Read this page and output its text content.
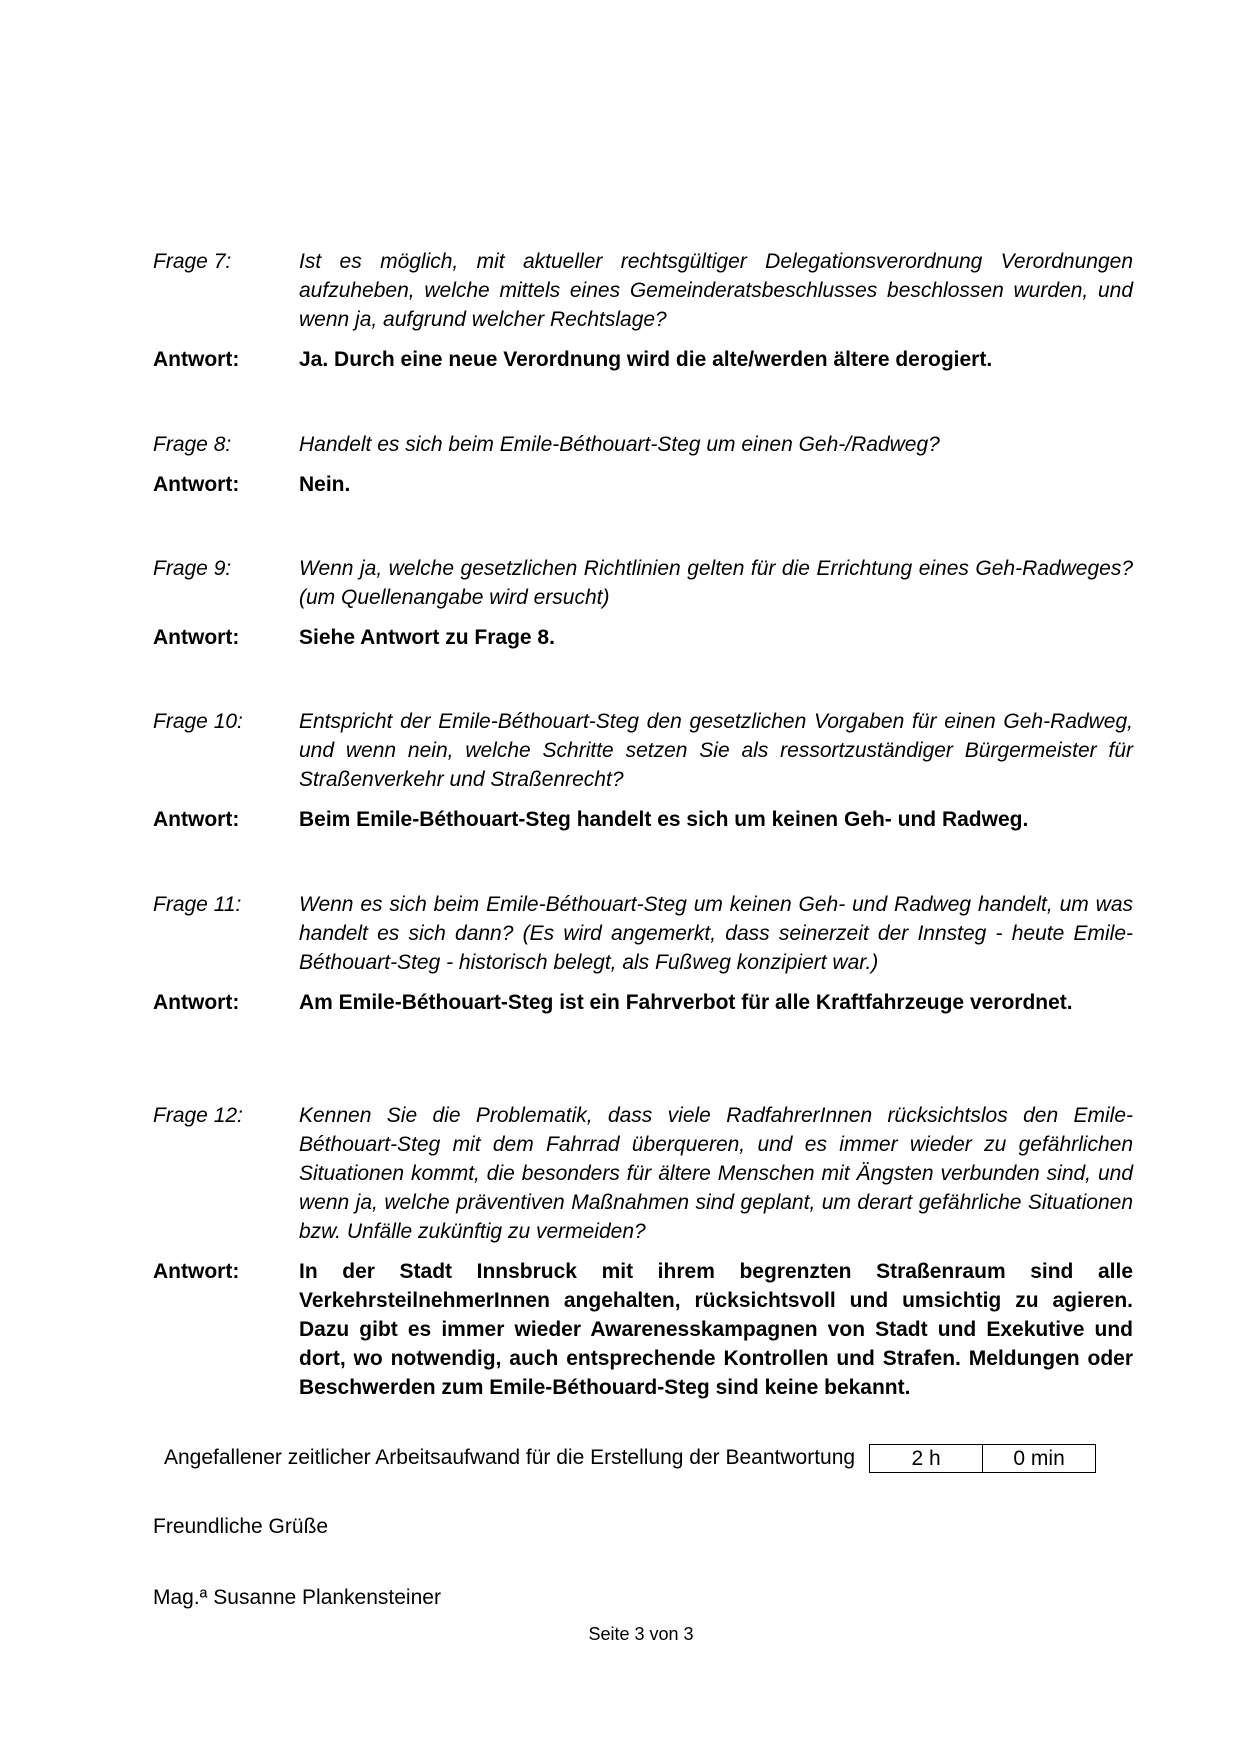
Frage 7:	Ist es möglich, mit aktueller rechtsgültiger Delegationsverordnung Verordnungen aufzuheben, welche mittels eines Gemeinderatsbeschlusses beschlossen wurden, und wenn ja, aufgrund welcher Rechtslage?
Antwort:	Ja. Durch eine neue Verordnung wird die alte/werden ältere derogiert.
Frage 8:	Handelt es sich beim Emile-Béthouart-Steg um einen Geh-/Radweg?
Antwort:	Nein.
Frage 9:	Wenn ja, welche gesetzlichen Richtlinien gelten für die Errichtung eines Geh-Radweges? (um Quellenangabe wird ersucht)
Antwort:	Siehe Antwort zu Frage 8.
Frage 10:	Entspricht der Emile-Béthouart-Steg den gesetzlichen Vorgaben für einen Geh-Radweg, und wenn nein, welche Schritte setzen Sie als ressortzuständiger Bürgermeister für Straßenverkehr und Straßenrecht?
Antwort:	Beim Emile-Béthouart-Steg handelt es sich um keinen Geh- und Radweg.
Frage 11:	Wenn es sich beim Emile-Béthouart-Steg um keinen Geh- und Radweg handelt, um was handelt es sich dann? (Es wird angemerkt, dass seinerzeit der Innsteg - heute Emile-Béthouart-Steg - historisch belegt, als Fußweg konzipiert war.)
Antwort:	Am Emile-Béthouart-Steg ist ein Fahrverbot für alle Kraftfahrzeuge verordnet.
Frage 12:	Kennen Sie die Problematik, dass viele RadfahrerInnen rücksichtslos den Emile-Béthouart-Steg mit dem Fahrrad überqueren, und es immer wieder zu gefährlichen Situationen kommt, die besonders für ältere Menschen mit Ängsten verbunden sind, und wenn ja, welche präventiven Maßnahmen sind geplant, um derart gefährliche Situationen bzw. Unfälle zukünftig zu vermeiden?
Antwort:	In der Stadt Innsbruck mit ihrem begrenzten Straßenraum sind alle VerkehrsteilnehmerInnen angehalten, rücksichtsvoll und umsichtig zu agieren. Dazu gibt es immer wieder Awarenesskampagnen von Stadt und Exekutive und dort, wo notwendig, auch entsprechende Kontrollen und Strafen. Meldungen oder Beschwerden zum Emile-Béthouard-Steg sind keine bekannt.
Angefallener zeitlicher Arbeitsaufwand für die Erstellung der Beantwortung	2 h	0 min
Freundliche Grüße
Mag.ª Susanne Plankensteiner
Seite 3 von 3
